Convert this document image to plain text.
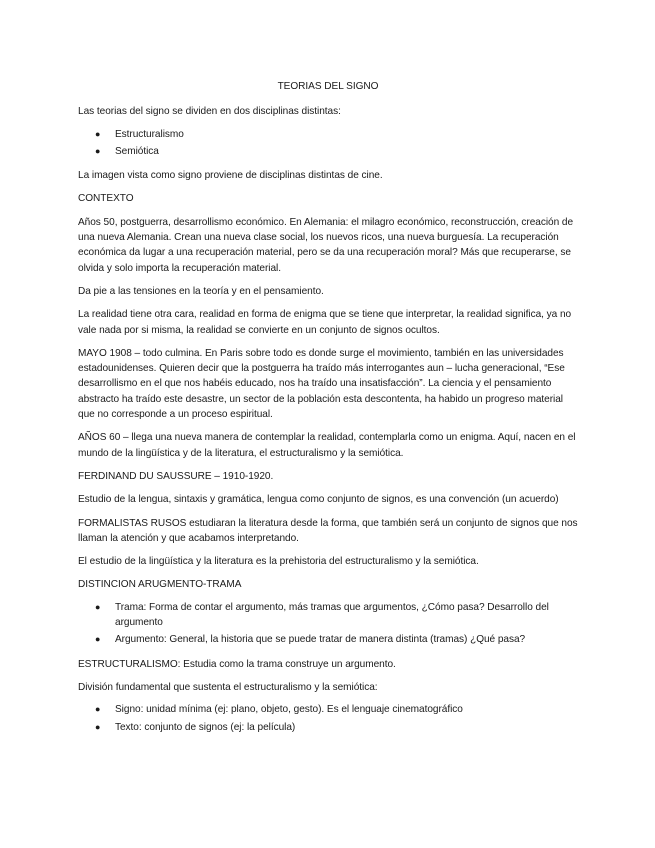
TEORIAS DEL SIGNO

Las teorias del signo se dividen en dos disciplinas distintas:

● Estructuralismo
● Semiótica

La imagen vista como signo proviene de disciplinas distintas de cine.

CONTEXTO

Años 50, postguerra, desarrollismo económico. En Alemania: el milagro económico, reconstrucción, creación de una nueva Alemania. Crean una nueva clase social, los nuevos ricos, una nueva burguesía. La recuperación económica da lugar a una recuperación material, pero se da una recuperación moral? Más que recuperarse, se olvida y solo importa la recuperación material.

Da pie a las tensiones en la teoría y en el pensamiento.

La realidad tiene otra cara, realidad en forma de enigma que se tiene que interpretar, la realidad significa, ya no vale nada por si misma, la realidad se convierte en un conjunto de signos ocultos.

MAYO 1908 – todo culmina. En Paris sobre todo es donde surge el movimiento, también en las universidades estadounidenses. Quieren decir que la postguerra ha traído más interrogantes aun – lucha generacional, “Ese desarrollismo en el que nos habéis educado, nos ha traído una insatisfacción”. La ciencia y el pensamiento abstracto ha traído este desastre, un sector de la población esta descontenta, ha habido un progreso material que no corresponde a un proceso espiritual.

AÑOS 60 – llega una nueva manera de contemplar la realidad, contemplarla como un enigma. Aquí, nacen en el mundo de la lingüística y de la literatura, el estructuralismo y la semiótica.

FERDINAND DU SAUSSURE – 1910-1920.

Estudio de la lengua, sintaxis y gramática, lengua como conjunto de signos, es una convención (un acuerdo)

FORMALISTAS RUSOS estudiaran la literatura desde la forma, que también será un conjunto de signos que nos llaman la atención y que acabamos interpretando.

El estudio de la lingüística y la literatura es la prehistoria del estructuralismo y la semiótica.

DISTINCION ARUGMENTO-TRAMA

● Trama: Forma de contar el argumento, más tramas que argumentos, ¿Cómo pasa? Desarrollo del argumento
● Argumento: General, la historia que se puede tratar de manera distinta (tramas) ¿Qué pasa?

ESTRUCTURALISMO: Estudia como la trama construye un argumento.

División fundamental que sustenta el estructuralismo y la semiótica:

● Signo: unidad mínima (ej: plano, objeto, gesto). Es el lenguaje cinematográfico
● Texto: conjunto de signos (ej: la película)
